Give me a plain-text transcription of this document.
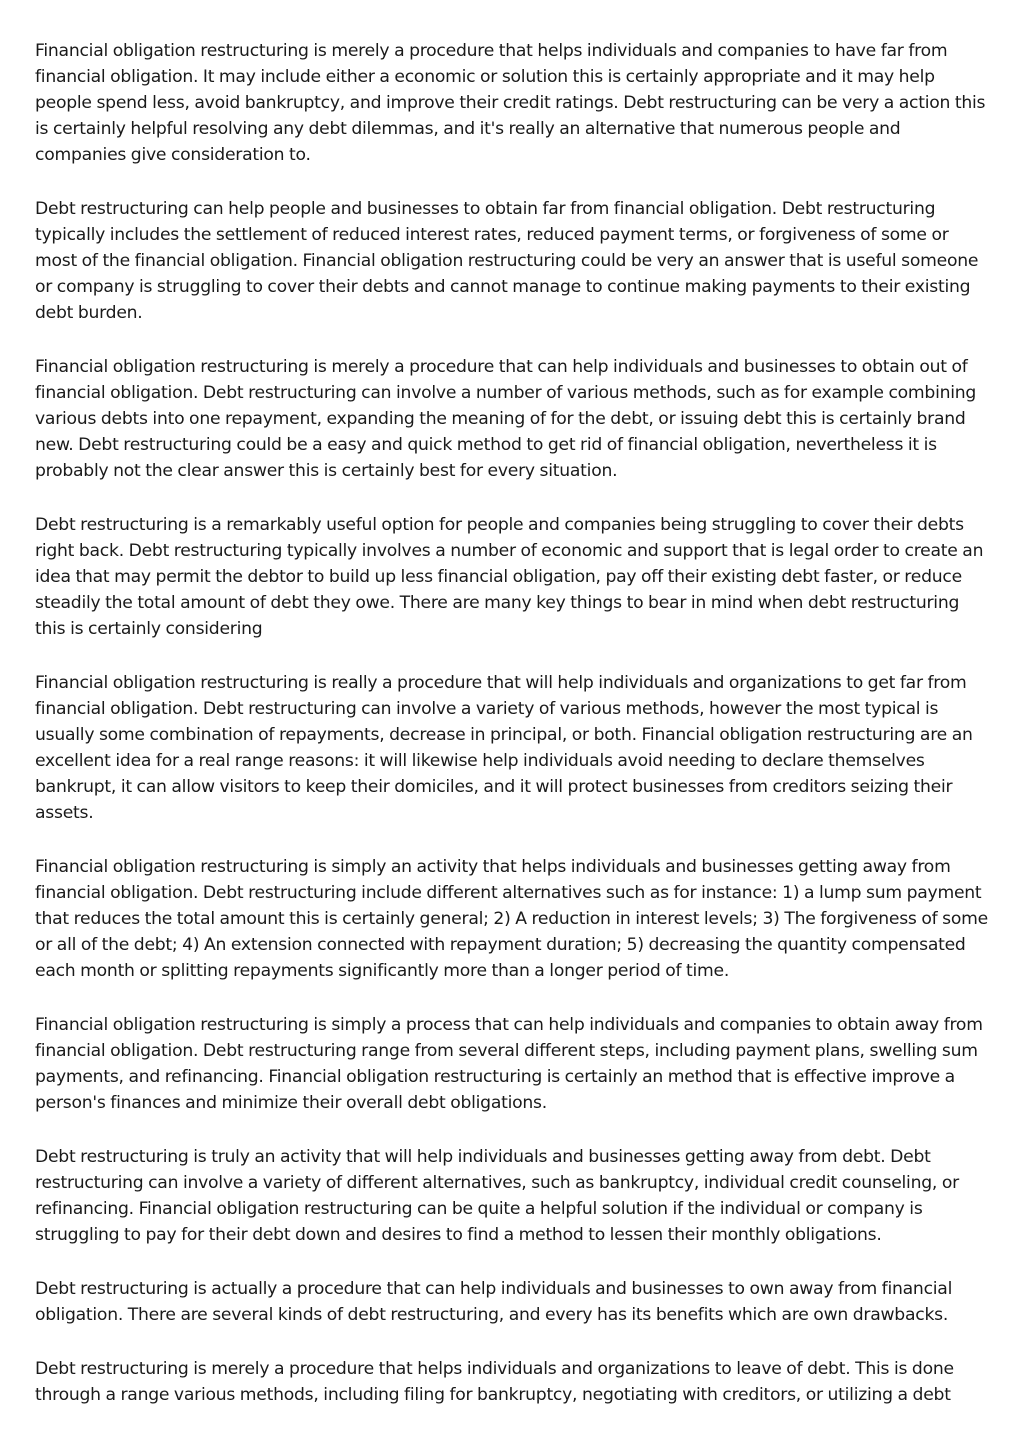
Financial obligation restructuring is merely a procedure that helps individuals and companies to have far from financial obligation. It may include either a economic or solution this is certainly appropriate and it may help people spend less, avoid bankruptcy, and improve their credit ratings. Debt restructuring can be very a action this is certainly helpful resolving any debt dilemmas, and it's really an alternative that numerous people and companies give consideration to.

Debt restructuring can help people and businesses to obtain far from financial obligation. Debt restructuring typically includes the settlement of reduced interest rates, reduced payment terms, or forgiveness of some or most of the financial obligation. Financial obligation restructuring could be very an answer that is useful someone or company is struggling to cover their debts and cannot manage to continue making payments to their existing debt burden.

Financial obligation restructuring is merely a procedure that can help individuals and businesses to obtain out of financial obligation. Debt restructuring can involve a number of various methods, such as for example combining various debts into one repayment, expanding the meaning of for the debt, or issuing debt this is certainly brand new. Debt restructuring could be a easy and quick method to get rid of financial obligation, nevertheless it is probably not the clear answer this is certainly best for every situation.

Debt restructuring is a remarkably useful option for people and companies being struggling to cover their debts right back. Debt restructuring typically involves a number of economic and support that is legal order to create an idea that may permit the debtor to build up less financial obligation, pay off their existing debt faster, or reduce steadily the total amount of debt they owe. There are many key things to bear in mind when debt restructuring this is certainly considering

Financial obligation restructuring is really a procedure that will help individuals and organizations to get far from financial obligation. Debt restructuring can involve a variety of various methods, however the most typical is usually some combination of repayments, decrease in principal, or both. Financial obligation restructuring are an excellent idea for a real range reasons: it will likewise help individuals avoid needing to declare themselves bankrupt, it can allow visitors to keep their domiciles, and it will protect businesses from creditors seizing their assets.

Financial obligation restructuring is simply an activity that helps individuals and businesses getting away from financial obligation. Debt restructuring include different alternatives such as for instance: 1) a lump sum payment that reduces the total amount this is certainly general; 2) A reduction in interest levels; 3) The forgiveness of some or all of the debt; 4) An extension connected with repayment duration; 5) decreasing the quantity compensated each month or splitting repayments significantly more than a longer period of time.

Financial obligation restructuring is simply a process that can help individuals and companies to obtain away from financial obligation. Debt restructuring range from several different steps, including payment plans, swelling sum payments, and refinancing. Financial obligation restructuring is certainly an method that is effective improve a person's finances and minimize their overall debt obligations.

Debt restructuring is truly an activity that will help individuals and businesses getting away from debt. Debt restructuring can involve a variety of different alternatives, such as bankruptcy, individual credit counseling, or refinancing. Financial obligation restructuring can be quite a helpful solution if the individual or company is struggling to pay for their debt down and desires to find a method to lessen their monthly obligations.

Debt restructuring is actually a procedure that can help individuals and businesses to own away from financial obligation. There are several kinds of debt restructuring, and every has its benefits which are own drawbacks.

Debt restructuring is merely a procedure that helps individuals and organizations to leave of debt. This is done through a range various methods, including filing for bankruptcy, negotiating with creditors, or utilizing a debt
